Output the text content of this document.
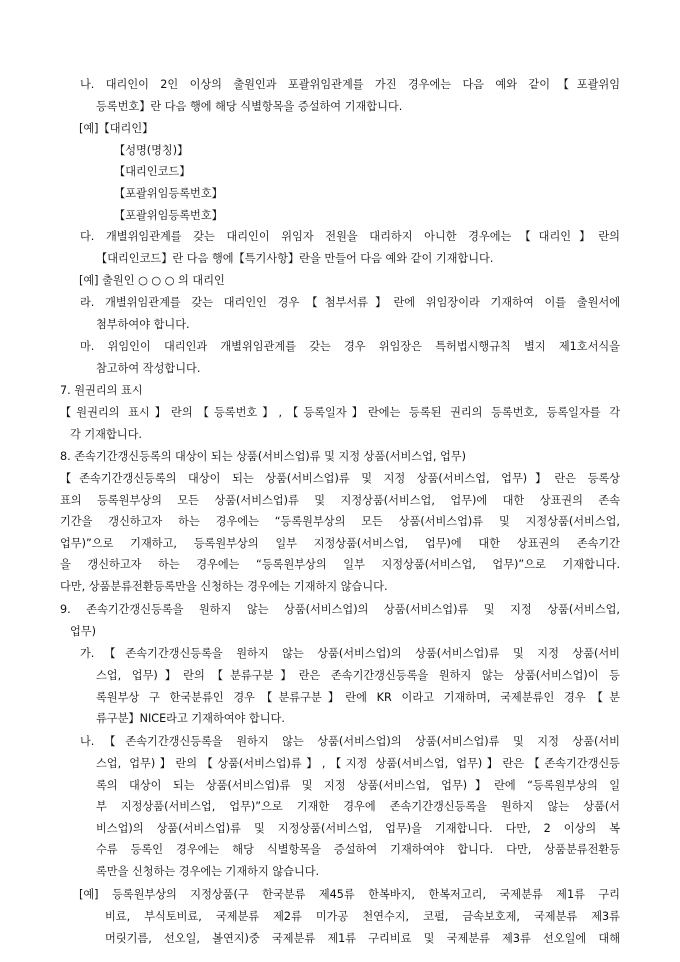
나. 대리인이 2인 이상의 출원인과 포괄위임관계를 가진 경우에는 다음 예와 같이【포괄위임
등록번호】란 다음 행에 해당 식별항목을 증설하여 기재합니다.
[예]【대리인】
【성명(명칭)】
【대리인코드】
【포괄위임등록번호】
【포괄위임등록번호】
다. 개별위임관계를 갖는 대리인이 위임자 전원을 대리하지 아니한 경우에는【대리인】란의
【대리인코드】란 다음 행에【특기사항】란을 만들어 다음 예와 같이 기재합니다.
[예] 출원인 ○ ○ ○ 의 대리인
라. 개별위임관계를 갖는 대리인인 경우【첨부서류】란에 위임장이라 기재하여 이를 출원서에
첨부하여야 합니다.
마. 위임인이 대리인과 개별위임관계를 갖는 경우 위임장은 특허법시행규칙 별지 제1호서식을
참고하여 작성합니다.
7. 원권리의 표시
【원권리의 표시】란의【등록번호】,【등록일자】란에는 등록된 권리의 등록번호, 등록일자를 각
각 기재합니다.
8. 존속기간갱신등록의 대상이 되는 상품(서비스업)류 및 지정 상품(서비스업, 업무)
【존속기간갱신등록의 대상이 되는 상품(서비스업)류 및 지정 상품(서비스업, 업무)】란은 등록상
표의 등록원부상의 모든 상품(서비스업)류 및 지정상품(서비스업, 업무)에 대한 상표권의 존속
기간을 갱신하고자 하는 경우에는 “등록원부상의 모든 상품(서비스업)류 및 지정상품(서비스업,
업무)”으로 기재하고, 등록원부상의 일부 지정상품(서비스업, 업무)에 대한 상표권의 존속기간
을 갱신하고자 하는 경우에는 “등록원부상의 일부 지정상품(서비스업, 업무)”으로 기재합니다.
다만, 상품분류전환등록만을 신청하는 경우에는 기재하지 않습니다.
9. 존속기간갱신등록을 원하지 않는 상품(서비스업)의 상품(서비스업)류 및 지정 상품(서비스업,
업무)
가.【존속기간갱신등록을 원하지 않는 상품(서비스업)의 상품(서비스업)류 및 지정 상품(서비
스업, 업무)】란의【분류구분】란은 존속기간갱신등록을 원하지 않는 상품(서비스업)이 등
록원부상 구 한국분류인 경우【분류구분】란에 KR 이라고 기재하며, 국제분류인 경우【분
류구분】NICE라고 기재하여야 합니다.
나.【존속기간갱신등록을 원하지 않는 상품(서비스업)의 상품(서비스업)류 및 지정 상품(서비
스업, 업무)】란의【상품(서비스업)류】,【지정 상품(서비스업, 업무)】란은【존속기간갱신등
록의 대상이 되는 상품(서비스업)류 및 지정 상품(서비스업, 업무)】란에 “등록원부상의 일
부 지정상품(서비스업, 업무)”으로 기재한 경우에 존속기간갱신등록을 원하지 않는 상품(서
비스업)의 상품(서비스업)류 및 지정상품(서비스업, 업무)을 기재합니다. 다만, 2 이상의 복
수류 등록인 경우에는 해당 식별항목을 증설하여 기재하여야 합니다. 다만, 상품분류전환등
록만을 신청하는 경우에는 기재하지 않습니다.
[예] 등록원부상의 지정상품(구 한국분류 제45류 한복바지, 한복저고리, 국제분류 제1류 구리
비료, 부식토비료, 국제분류 제2류 미가공 천연수지, 코펄, 금속보호제, 국제분류 제3류
머릿기름, 선오일, 볼연지)중 국제분류 제1류 구리비료 및 국제분류 제3류 선오일에 대해
